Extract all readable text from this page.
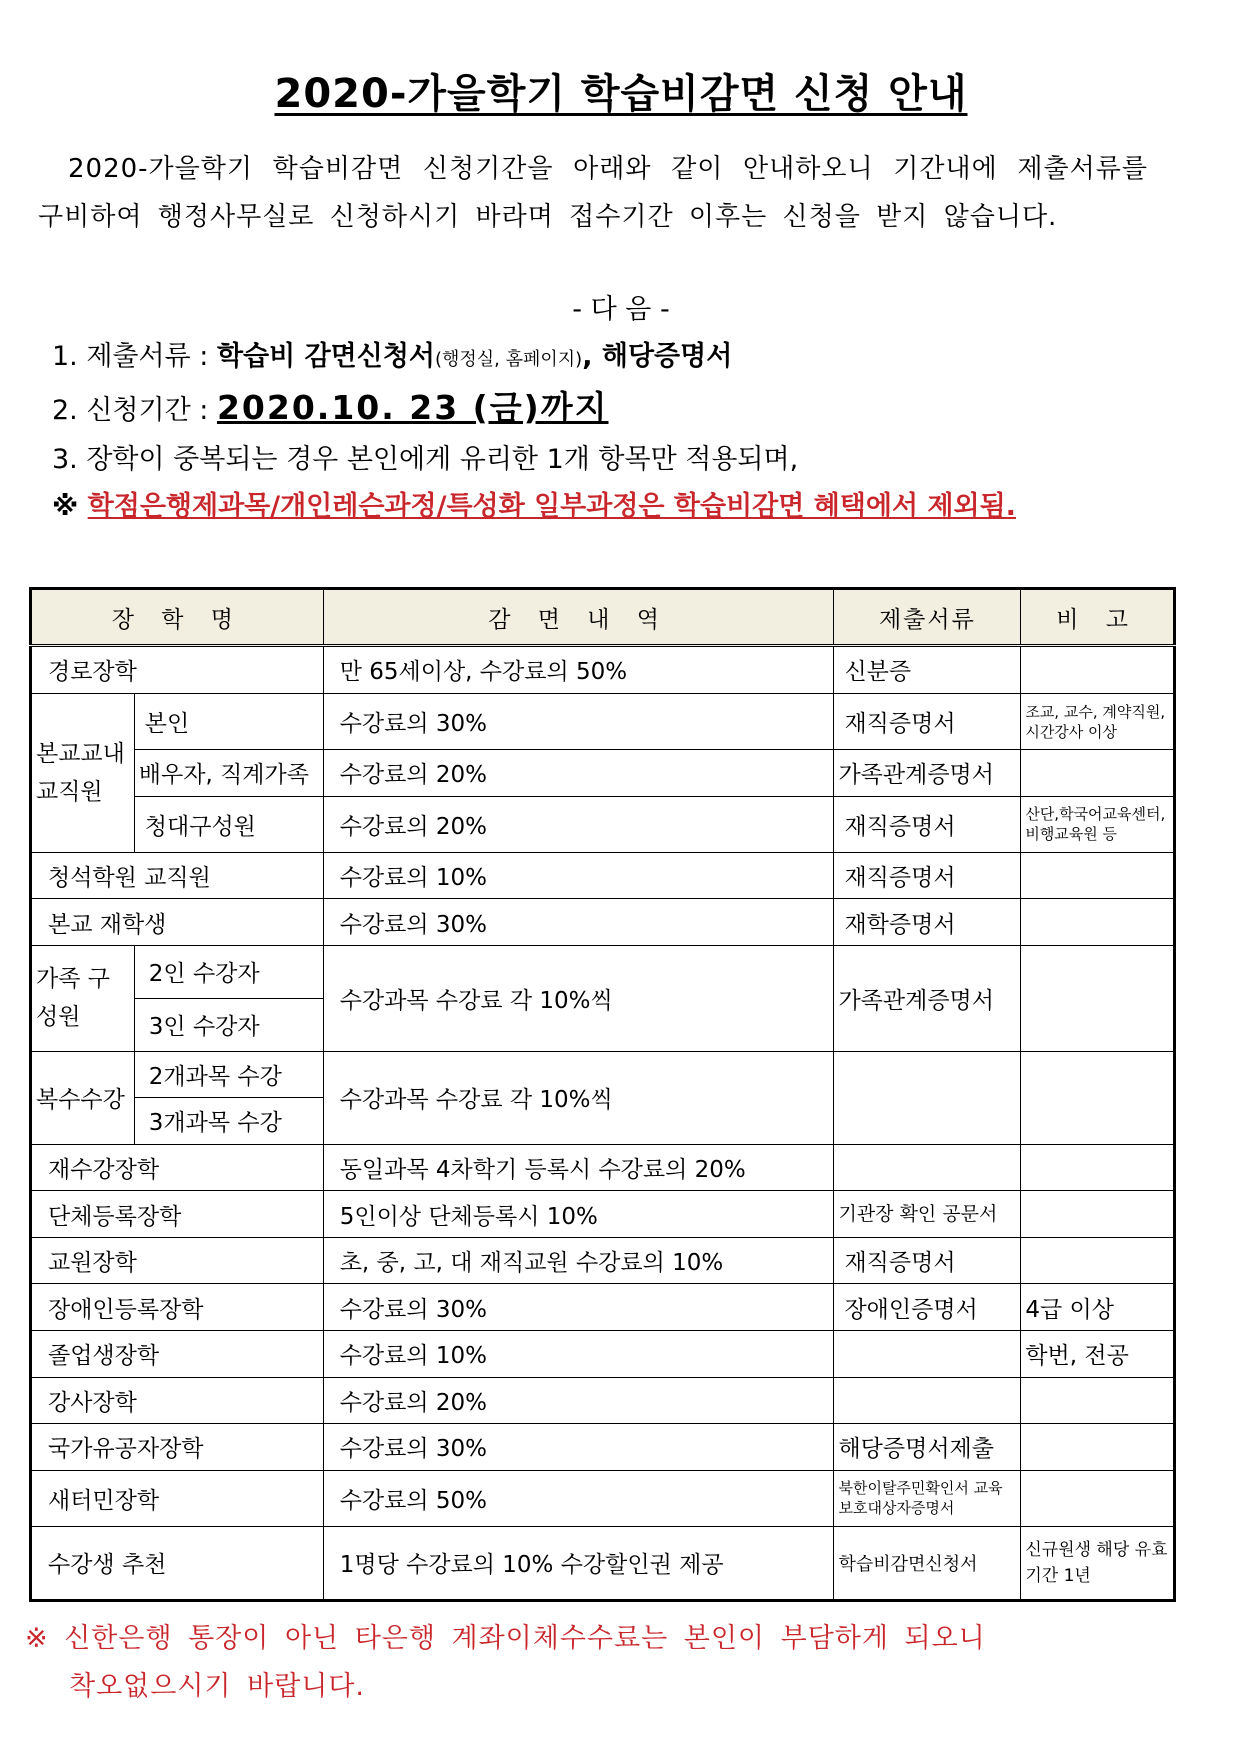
2020-가을학기 학습비감면 신청 안내
2020-가을학기 학습비감면 신청기간을 아래와 같이 안내하오니 기간내에 제출서류를 구비하여 행정사무실로 신청하시기 바라며 접수기간 이후는 신청을 받지 않습니다.
- 다 음 -
1. 제출서류 : 학습비 감면신청서(행정실, 홈페이지), 해당증명서
2. 신청기간 : 2020.10. 23 (금)까지
3. 장학이 중복되는 경우 본인에게 유리한 1개 항목만 적용되며,
※ 학점은행제과목/개인레슨과정/특성화 일부과정은 학습비감면 혜택에서 제외됨.
장 학 명		감 면 내 역	제출서류	비 고
경로장학		만 65세이상, 수강료의 50%	신분증	
본교교내 교직원	본인	수강료의 30%	재직증명서	조교, 교수, 계약직원, 시간강사 이상
	배우자, 직계가족	수강료의 20%	가족관계증명서	
	청대구성원	수강료의 20%	재직증명서	산단,학국어교육센터,비행교육원 등
청석학원 교직원		수강료의 10%	재직증명서	
본교 재학생		수강료의 30%	재학증명서	
가족 구성원	2인 수강자	수강과목 수강료 각 10%씩	가족관계증명서	
	3인 수강자			
복수수강	2개과목 수강	수강과목 수강료 각 10%씩		
	3개과목 수강			
재수강장학		동일과목 4차학기 등록시 수강료의 20%		
단체등록장학		5인이상 단체등록시 10%	기관장 확인 공문서	
교원장학		초, 중, 고, 대 재직교원 수강료의 10%	재직증명서	
장애인등록장학		수강료의 30%	장애인증명서	4급 이상
졸업생장학		수강료의 10%		학번, 전공
강사장학		수강료의 20%		
국가유공자장학		수강료의 30%	해당증명서제출	
새터민장학		수강료의 50%	북한이탈주민확인서 교육보호대상자증명서	
수강생 추천		1명당 수강료의 10% 수강할인권 제공	학습비감면신청서	신규원생 해당 유효기간 1년
※ 신한은행 통장이 아닌 타은행 계좌이체수수료는 본인이 부담하게 되오니
착오없으시기 바랍니다.
